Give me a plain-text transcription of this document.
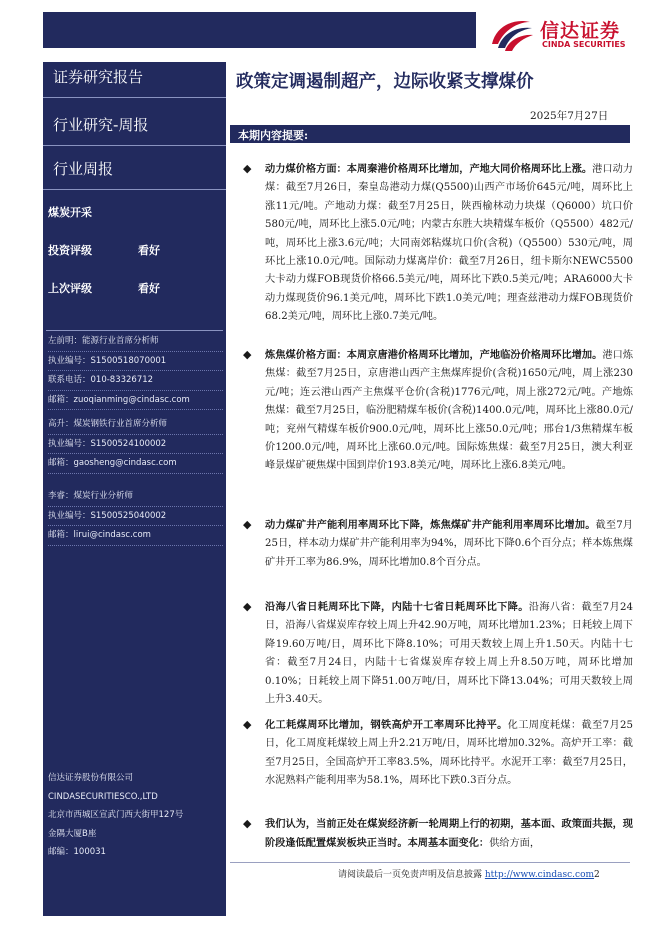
信达证券
CINDA SECURITIES
证券研究报告
行业研究-周报
行业周报
煤炭开采
投资评级	看好
上次评级	看好
左前明：能源行业首席分析师
执业编号：S1500518070001
联系电话：010-83326712
邮箱：zuoqianming@cindasc.com
高升：煤炭钢铁行业首席分析师
执业编号：S1500524100002
邮箱：gaosheng@cindasc.com
李睿：煤炭行业分析师
执业编号：S1500525040002
邮箱：lirui@cindasc.com
信达证券股份有限公司
CINDASECURITIESCO.,LTD
北京市西城区宣武门西大街甲127号
金隅大厦B座
邮编：100031
政策定调遏制超产，边际收紧支撑煤价
2025年7月27日
本期内容提要:
◆ 动力煤价格方面：本周秦港价格周环比增加，产地大同价格周环比上涨。港口动力煤：截至7月26日，秦皇岛港动力煤(Q5500)山西产市场价645元/吨，周环比上涨11元/吨。产地动力煤：截至7月25日，陕西榆林动力块煤（Q6000）坑口价580元/吨，周环比上涨5.0元/吨；内蒙古东胜大块精煤车板价（Q5500）482元/吨，周环比上涨3.6元/吨；大同南郊粘煤坑口价(含税)（Q5500）530元/吨，周环比上涨10.0元/吨。国际动力煤离岸价：截至7月26日，纽卡斯尔NEWC5500大卡动力煤FOB现货价格66.5美元/吨，周环比下跌0.5美元/吨；ARA6000大卡动力煤现货价96.1美元/吨，周环比下跌1.0美元/吨；理查兹港动力煤FOB现货价68.2美元/吨，周环比上涨0.7美元/吨。
◆ 炼焦煤价格方面：本周京唐港价格周环比增加，产地临汾价格周环比增加。港口炼焦煤：截至7月25日，京唐港山西产主焦煤库提价(含税)1650元/吨，周上涨230元/吨；连云港山西产主焦煤平仓价(含税)1776元/吨，周上涨272元/吨。产地炼焦煤：截至7月25日，临汾肥精煤车板价(含税)1400.0元/吨，周环比上涨80.0元/吨；兖州气精煤车板价900.0元/吨，周环比上涨50.0元/吨；邢台1/3焦精煤车板价1200.0元/吨，周环比上涨60.0元/吨。国际炼焦煤：截至7月25日，澳大利亚峰景煤矿硬焦煤中国到岸价193.8美元/吨，周环比上涨6.8美元/吨。
◆ 动力煤矿井产能利用率周环比下降，炼焦煤矿井产能利用率周环比增加。截至7月25日，样本动力煤矿井产能利用率为94%，周环比下降0.6个百分点；样本炼焦煤矿井开工率为86.9%，周环比增加0.8个百分点。
◆ 沿海八省日耗周环比下降，内陆十七省日耗周环比下降。沿海八省：截至7月24日，沿海八省煤炭库存较上周上升42.90万吨，周环比增加1.23%；日耗较上周下降19.60万吨/日，周环比下降8.10%；可用天数较上周上升1.50天。内陆十七省：截至7月24日，内陆十七省煤炭库存较上周上升8.50万吨，周环比增加0.10%；日耗较上周下降51.00万吨/日，周环比下降13.04%；可用天数较上周上升3.40天。
◆ 化工耗煤周环比增加，钢铁高炉开工率周环比持平。化工周度耗煤：截至7月25日，化工周度耗煤较上周上升2.21万吨/日，周环比增加0.32%。高炉开工率：截至7月25日，全国高炉开工率83.5%，周环比持平。水泥开工率：截至7月25日，水泥熟料产能利用率为58.1%，周环比下跌0.3百分点。
◆ 我们认为，当前正处在煤炭经济新一轮周期上行的初期，基本面、政策面共振，现阶段逢低配置煤炭板块正当时。本周基本面变化：供给方面，
请阅读最后一页免责声明及信息披露 http://www.cindasc.com2
